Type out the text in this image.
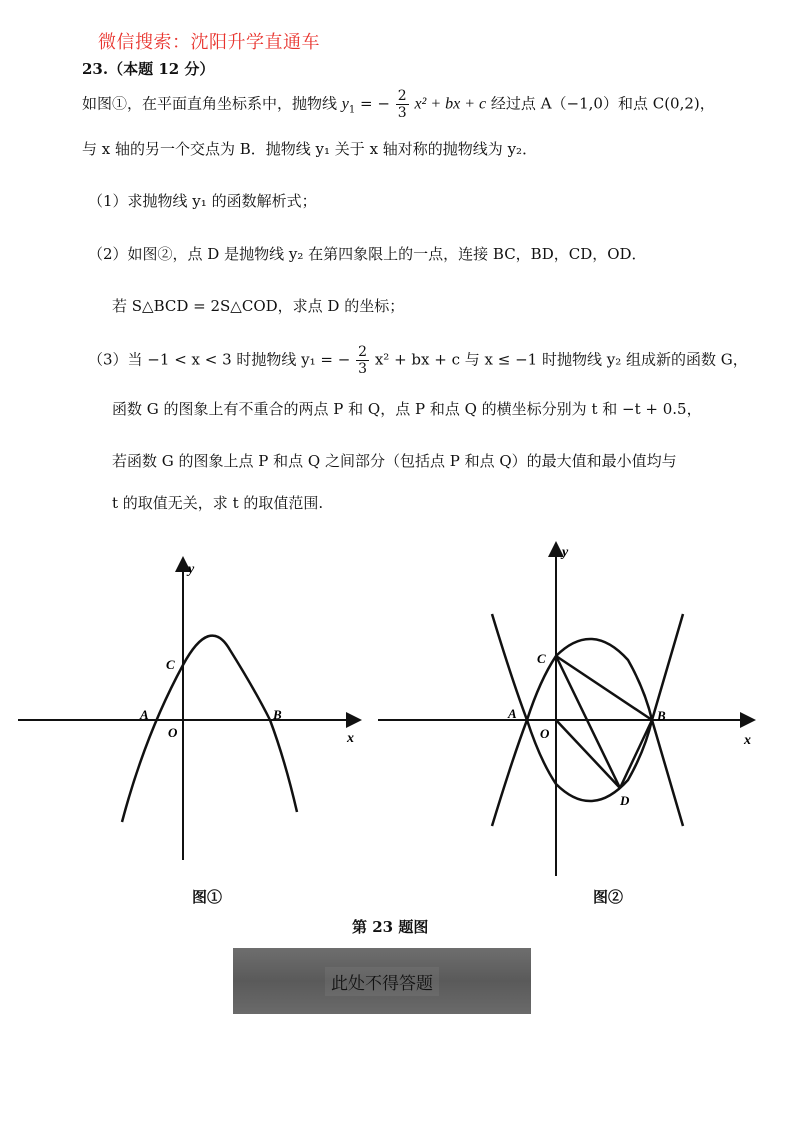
微信搜索：沈阳升学直通车
23.（本题 12 分）
如图①，在平面直角坐标系中，抛物线 $y_1$ = − $\frac{2}{3} x^2$ + bx + c 经过点 A（−1,0）和点 C(0,2)，
与 x 轴的另一个交点为 B．抛物线 y₁ 关于 x 轴对称的抛物线为 y₂．
（1）求抛物线 y₁ 的函数解析式；
（2）如图②，点 D 是抛物线 y₂ 在第四象限上的一点，连接 BC，BD，CD，OD．
若 S△BCD = 2S△COD，求点 D 的坐标；
（3）当 −1 < x < 3 时抛物线 y₁ = − $\frac{2}{3} x^2$ + bx + c 与 x ≤ −1 时抛物线 y₂ 组成新的函数 G，
函数 G 的图象上有不重合的两点 P 和 Q，点 P 和点 Q 的横坐标分别为 t 和 −t + 0.5，
若函数 G 的图象上点 P 和点 Q 之间部分（包括点 P 和点 Q）的最大值和最小值均与
t 的取值无关，求 t 的取值范围.
y
x
O
A	B
C
y
x
O
A	B
C
D
图①	图②
第 23 题图
此处不得答题
